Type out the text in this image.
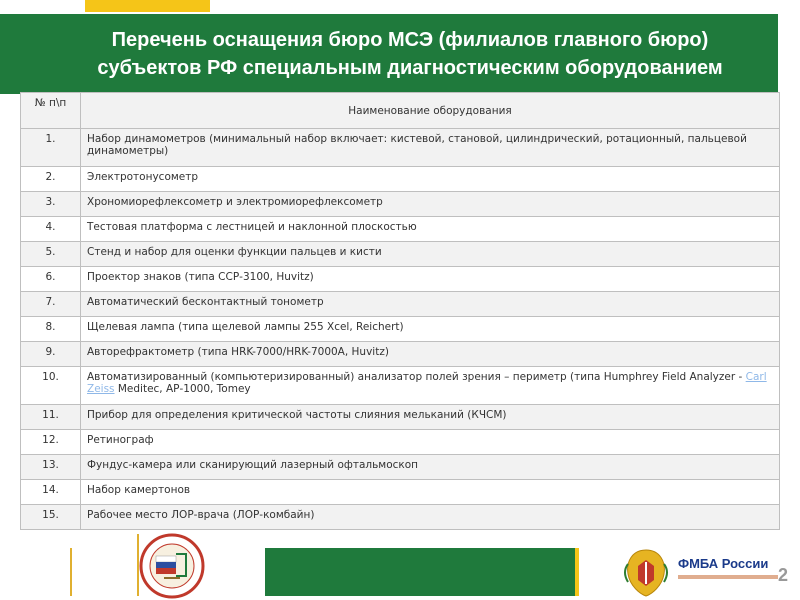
Перечень оснащения бюро МСЭ (филиалов главного бюро)
субъектов РФ специальным диагностическим оборудованием
№ п\п	Наименование оборудования
1.	Набор динамометров (минимальный набор включает: кистевой, становой, цилиндрический, ротационный, пальцевой динамометры)
2.	Электротонусометр
3.	Хрономиорефлексометр и электромиорефлексометр
4.	Тестовая платформа с лестницей и наклонной плоскостью
5.	Стенд и набор для оценки функции пальцев и кисти
6.	Проектор знаков (типа ССР-3100, Huvitz)
7.	Автоматический бесконтактный тонометр
8.	Щелевая лампа (типа щелевой лампы 255 Xcel, Reichert)
9.	Авторефрактометр (типа HRK-7000/HRK-7000A, Huvitz)
10.	Автоматизированный (компьютеризированный) анализатор полей зрения – периметр (типа Humphrey Field Analyzer - Carl Zeiss Meditec, АР-1000, Tomey
11.	Прибор для определения критической частоты слияния мельканий (КЧСМ)
12.	Ретинограф
13.	Фундус-камера или сканирующий лазерный офтальмоскоп
14.	Набор камертонов
15.	Рабочее место ЛОР-врача (ЛОР-комбайн)
ФМБА России
2
